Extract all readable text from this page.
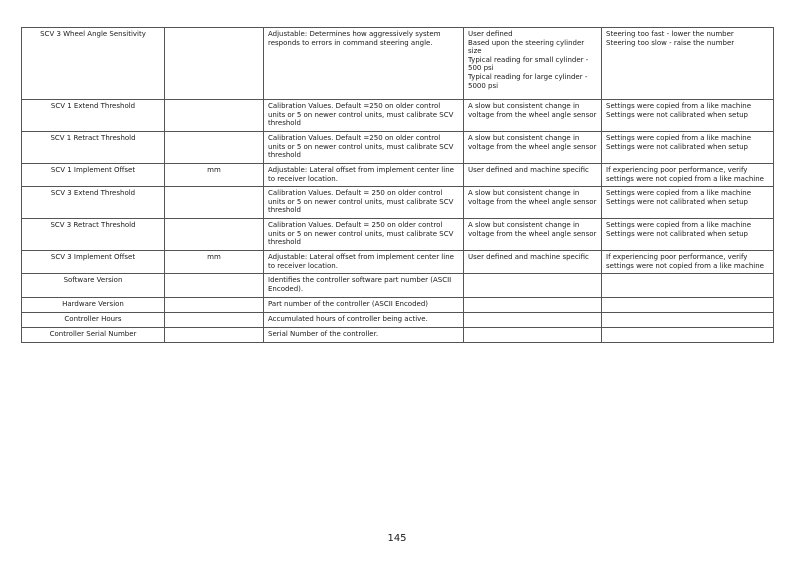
SCV 3 Wheel Angle Sensitivity		Adjustable: Determines how aggressively system responds to errors in command steering angle.	User defined
Based upon the steering cylinder size
Typical reading for small cylinder - 500 psi
Typical reading for large cylinder - 5000 psi	Steering too fast - lower the number
Steering too slow - raise the number

SCV 1 Extend Threshold		Calibration Values. Default =250 on older control units or 5 on newer control units, must calibrate SCV threshold	A slow but consistent change in voltage from the wheel angle sensor	Settings were copied from a like machine
Settings were not calibrated when setup

SCV 1 Retract Threshold		Calibration Values. Default =250 on older control units or 5 on newer control units, must calibrate SCV threshold	A slow but consistent change in voltage from the wheel angle sensor	Settings were copied from a like machine
Settings were not calibrated when setup

SCV 1 Implement Offset	mm	Adjustable: Lateral offset from implement center line to receiver location.	User defined and machine specific	If experiencing poor performance, verify settings were not copied from a like machine

SCV 3 Extend Threshold		Calibration Values. Default = 250 on older control units or 5 on newer control units, must calibrate SCV threshold	A slow but consistent change in voltage from the wheel angle sensor	Settings were copied from a like machine
Settings were not calibrated when setup

SCV 3 Retract Threshold		Calibration Values. Default = 250 on older control units or 5 on newer control units, must calibrate SCV threshold	A slow but consistent change in voltage from the wheel angle sensor	Settings were copied from a like machine
Settings were not calibrated when setup

SCV 3 Implement Offset	mm	Adjustable: Lateral offset from implement center line to receiver location.	User defined and machine specific	If experiencing poor performance, verify settings were not copied from a like machine

Software Version		Identifies the controller software part number (ASCII Encoded).		
Hardware Version		Part number of the controller (ASCII Encoded)		
Controller Hours		Accumulated hours of controller being active.		
Controller Serial Number		Serial Number of the controller.		
145
